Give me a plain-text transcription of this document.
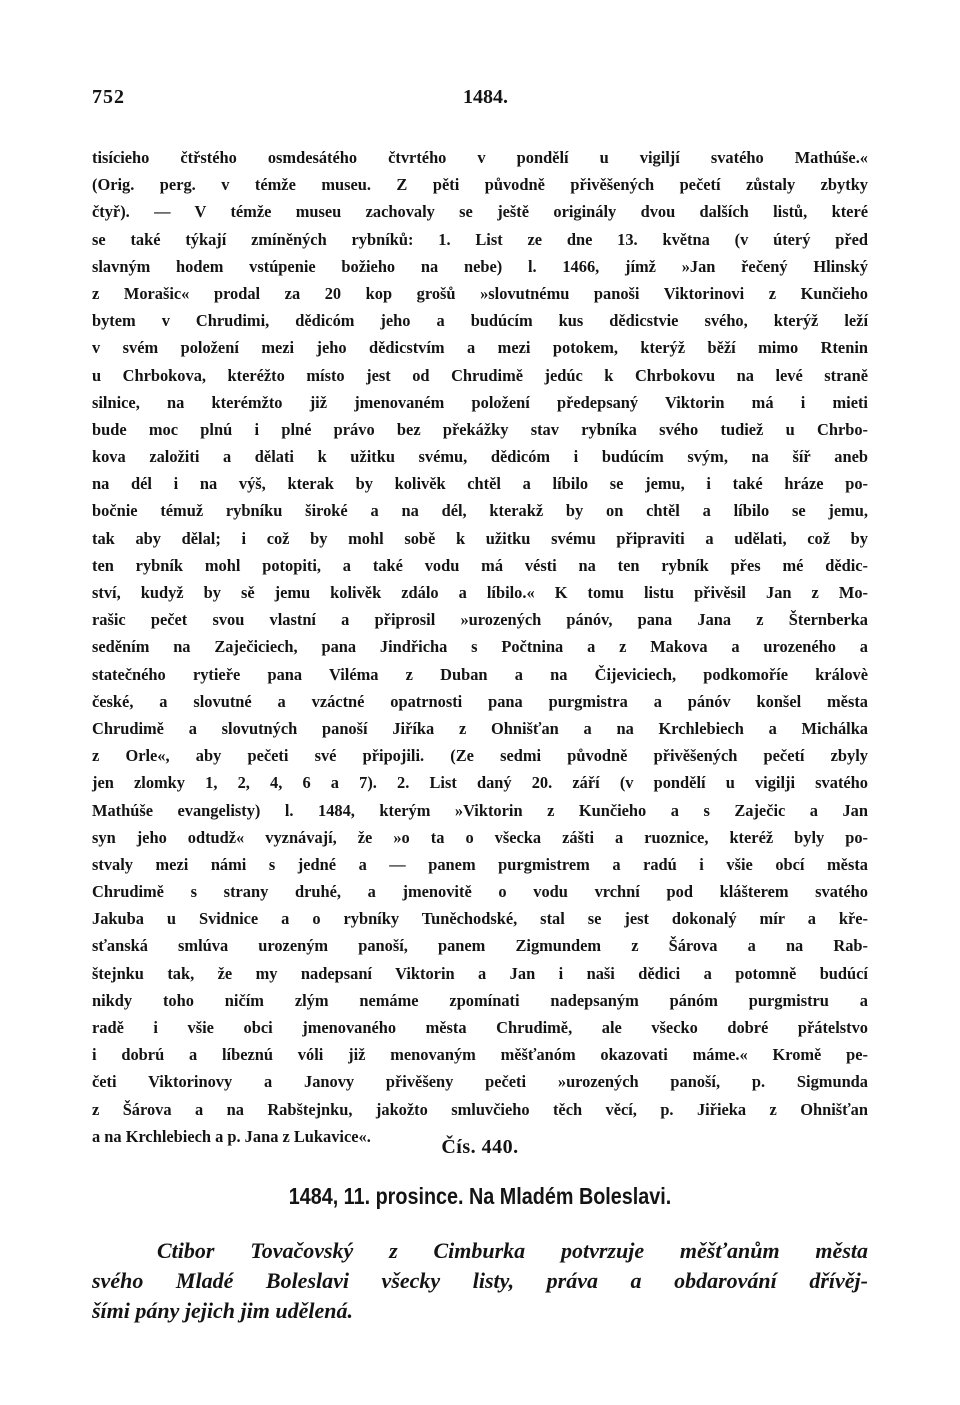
752	1484.
tisícieho čtřstého osmdesátého čtvrtého v pondělí u vigiljí svatého Mathúše.«
(Orig. perg. v témže museu. Z pěti původně přivěšených pečetí zůstaly zbytky
čtyř). — V témže museu zachovaly se ještě originály dvou dalších listů, které
se také týkají zmíněných rybníků: 1. List ze dne 13. května (v úterý před
slavným hodem vstúpenie božieho na nebe) l. 1466, jímž »Jan řečený Hlinský
z Morašic« prodal za 20 kop grošů »slovutnému panoši Viktorinovi z Kunčieho
bytem v Chrudimi, dědicóm jeho a budúcím kus dědicstvie svého, kterýž leží
v svém položení mezi jeho dědicstvím a mezi potokem, kterýž běží mimo Rtenin
u Chrbokova, kteréžto místo jest od Chrudimě jedúc k Chrbokovu na levé straně
silnice, na kterémžto již jmenovaném položení předepsaný Viktorin má i mieti
bude moc plnú i plné právo bez překážky stav rybníka svého tudiež u Chrbo-
kova založiti a dělati k užitku svému, dědicóm i budúcím svým, na šíř aneb
na dél i na výš, kterak by kolivěk chtěl a líbilo se jemu, i také hráze po-
bočnie témuž rybníku široké a na dél, kterakž by on chtěl a líbilo se jemu,
tak aby dělal; i což by mohl sobě k užitku svému připraviti a udělati, což by
ten rybník mohl potopiti, a také vodu má vésti na ten rybník přes mé dědic-
ství, kudyž by sě jemu kolivěk zdálo a líbilo.« K tomu listu přivěsil Jan z Mo-
rašic pečet svou vlastní a připrosil »urozených pánóv, pana Jana z Šternberka
seděním na Zaječiciech, pana Jindřicha s Počtnina a z Makova a urozeného a
statečného rytieře pana Viléma z Duban a na Čijeviciech, podkomoříe královè
české, a slovutné a vzáctné opatrnosti pana purgmistra a pánóv konšel města
Chrudimě a slovutných panoší Jiříka z Ohnišťan a na Krchlebiech a Michálka
z Orle«, aby pečeti své připojili. (Ze sedmi původně přivěšených pečetí zbyly
jen zlomky 1, 2, 4, 6 a 7). 2. List daný 20. září (v pondělí u vigilji svatého
Mathúše evangelisty) l. 1484, kterým »Viktorin z Kunčieho a s Zaječic a Jan
syn jeho odtudž« vyznávají, že »o ta o všecka zášti a ruoznice, kteréž byly po-
stvaly mezi námi s jedné a — panem purgmistrem a radú i všie obcí města
Chrudimě s strany druhé, a jmenovitě o vodu vrchní pod klášterem svatého
Jakuba u Svidnice a o rybníky Tuněchodské, stal se jest dokonalý mír a kře-
sťanská smlúva urozeným panoší, panem Zigmundem z Šárova a na Rab-
štejnku tak, že my nadepsaní Viktorin a Jan i naši dědici a potomně budúcí
nikdy toho ničím zlým nemáme zpomínati nadepsaným pánóm purgmistru a
radě i všie obci jmenovaného města Chrudimě, ale všecko dobré přátelstvo
i dobrú a líbeznú vóli již menovaným měšťanóm okazovati máme.« Kromě pe-
četi Viktorinovy a Janovy přivěšeny pečeti »urozených panoší, p. Sigmunda
z Šárova a na Rabštejnku, jakožto smluvčieho těch věcí, p. Jiřieka z Ohnišťan
a na Krchlebiech a p. Jana z Lukavice«.	Čís. 440.
1484, 11. prosince. Na Mladém Boleslavi.
Ctibor Tovačovský z Cimburka potvrzuje měšťanům města
svého Mladé Boleslavi všecky listy, práva a obdarování dřívěj-
šími pány jejich jim udělená.
